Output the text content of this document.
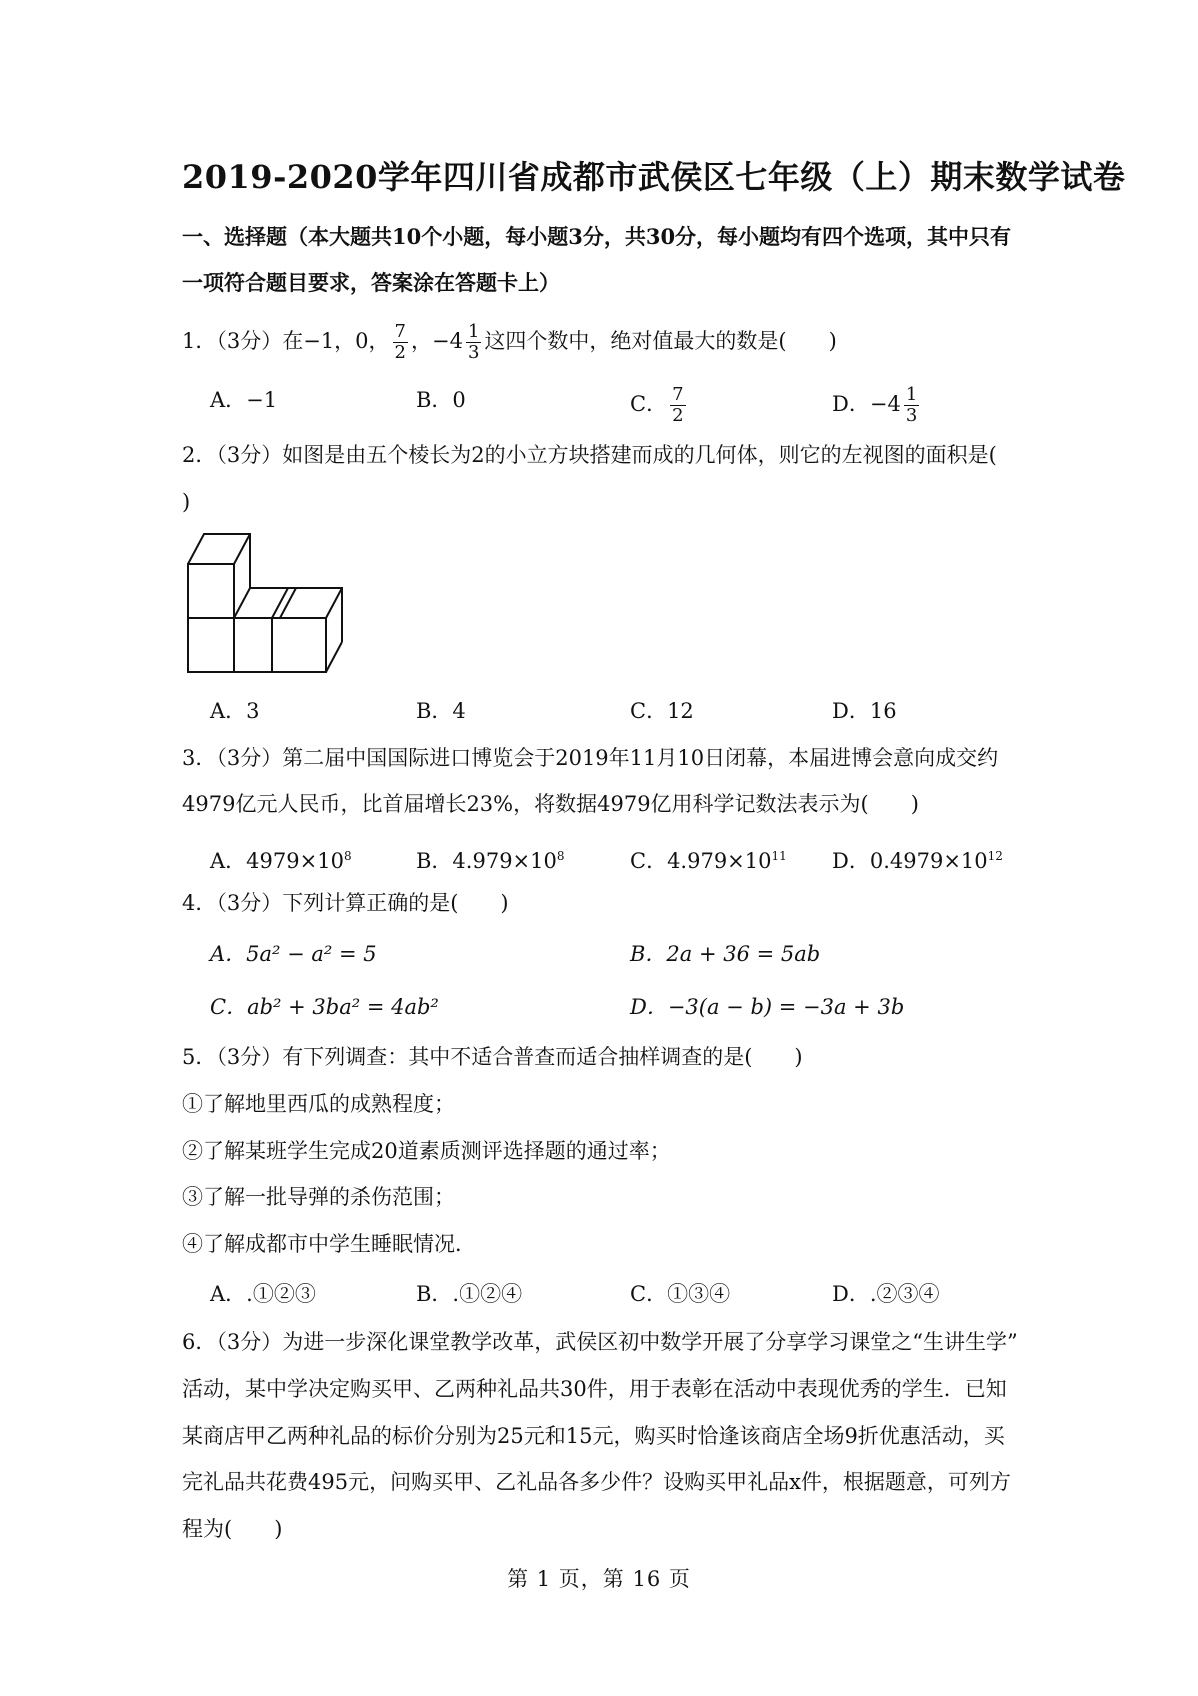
2019-2020学年四川省成都市武侯区七年级（上）期末数学试卷
一、选择题（本大题共10个小题，每小题3分，共30分，每小题均有四个选项，其中只有一项符合题目要求，答案涂在答题卡上）
1．（3分）在−1，0， $\frac{7}{2}$ ，$-4 \frac{1}{3}$ 这四个数中，绝对值最大的数是(　　)
A．−1	B．0	C． $\frac{7}{2}$	D．$-4 \frac{1}{3}$
2．（3分）如图是由五个棱长为2的小立方块搭建而成的几何体，则它的左视图的面积是(
)
A．3	B．4	C．12	D．16
3．（3分）第二届中国国际进口博览会于2019年11月10日闭幕，本届进博会意向成交约
4979亿元人民币，比首届增长23%，将数据4979亿用科学记数法表示为(　　)
A．$4979\times 10^8$	B．$4.979\times 10^8$	C．$4.979\times 10^{11}$ D．$0.4979\times 10^{12}$
4．（3分）下列计算正确的是(　　)
A．5a² − a² = 5	B．2a + 36 = 5ab
C．ab² + 3ba² = 4ab²	D．−3(a − b) = −3a + 3b
5．（3分）有下列调查：其中不适合普查而适合抽样调查的是(　　)
①了解地里西瓜的成熟程度；
②了解某班学生完成20道素质测评选择题的通过率；
③了解一批导弹的杀伤范围；
④了解成都市中学生睡眠情况．
A．.①②③	B．.①②④	C．①③④	D．.②③④
6．（3分）为进一步深化课堂教学改革，武侯区初中数学开展了分享学习课堂之“生讲生学”
活动，某中学决定购买甲、乙两种礼品共30件，用于表彰在活动中表现优秀的学生．已知
某商店甲乙两种礼品的标价分别为25元和15元，购买时恰逢该商店全场9折优惠活动，买
完礼品共花费495元，问购买甲、乙礼品各多少件？设购买甲礼品x件，根据题意，可列方
程为(　　)
第 1 页，第 16 页
